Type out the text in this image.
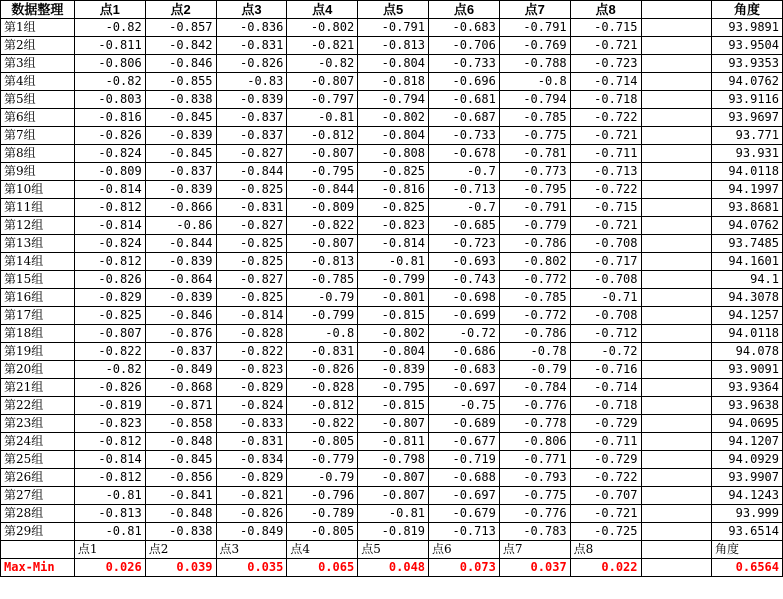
数据整理	点1	点2	点3	点4	点5	点6	点7	点8		角度
第1组	-0.82	-0.857	-0.836	-0.802	-0.791	-0.683	-0.791	-0.715		93.9891
第2组	-0.811	-0.842	-0.831	-0.821	-0.813	-0.706	-0.769	-0.721		93.9504
第3组	-0.806	-0.846	-0.826	-0.82	-0.804	-0.733	-0.788	-0.723		93.9353
第4组	-0.82	-0.855	-0.83	-0.807	-0.818	-0.696	-0.8	-0.714		94.0762
第5组	-0.803	-0.838	-0.839	-0.797	-0.794	-0.681	-0.794	-0.718		93.9116
第6组	-0.816	-0.845	-0.837	-0.81	-0.802	-0.687	-0.785	-0.722		93.9697
第7组	-0.826	-0.839	-0.837	-0.812	-0.804	-0.733	-0.775	-0.721		93.771
第8组	-0.824	-0.845	-0.827	-0.807	-0.808	-0.678	-0.781	-0.711		93.931
第9组	-0.809	-0.837	-0.844	-0.795	-0.825	-0.7	-0.773	-0.713		94.0118
第10组	-0.814	-0.839	-0.825	-0.844	-0.816	-0.713	-0.795	-0.722		94.1997
第11组	-0.812	-0.866	-0.831	-0.809	-0.825	-0.7	-0.791	-0.715		93.8681
第12组	-0.814	-0.86	-0.827	-0.822	-0.823	-0.685	-0.779	-0.721		94.0762
第13组	-0.824	-0.844	-0.825	-0.807	-0.814	-0.723	-0.786	-0.708		93.7485
第14组	-0.812	-0.839	-0.825	-0.813	-0.81	-0.693	-0.802	-0.717		94.1601
第15组	-0.826	-0.864	-0.827	-0.785	-0.799	-0.743	-0.772	-0.708		94.1
第16组	-0.829	-0.839	-0.825	-0.79	-0.801	-0.698	-0.785	-0.71		94.3078
第17组	-0.825	-0.846	-0.814	-0.799	-0.815	-0.699	-0.772	-0.708		94.1257
第18组	-0.807	-0.876	-0.828	-0.8	-0.802	-0.72	-0.786	-0.712		94.0118
第19组	-0.822	-0.837	-0.822	-0.831	-0.804	-0.686	-0.78	-0.72		94.078
第20组	-0.82	-0.849	-0.823	-0.826	-0.839	-0.683	-0.79	-0.716		93.9091
第21组	-0.826	-0.868	-0.829	-0.828	-0.795	-0.697	-0.784	-0.714		93.9364
第22组	-0.819	-0.871	-0.824	-0.812	-0.815	-0.75	-0.776	-0.718		93.9638
第23组	-0.823	-0.858	-0.833	-0.822	-0.807	-0.689	-0.778	-0.729		94.0695
第24组	-0.812	-0.848	-0.831	-0.805	-0.811	-0.677	-0.806	-0.711		94.1207
第25组	-0.814	-0.845	-0.834	-0.779	-0.798	-0.719	-0.771	-0.729		94.0929
第26组	-0.812	-0.856	-0.829	-0.79	-0.807	-0.688	-0.793	-0.722		93.9907
第27组	-0.81	-0.841	-0.821	-0.796	-0.807	-0.697	-0.775	-0.707		94.1243
第28组	-0.813	-0.848	-0.826	-0.789	-0.81	-0.679	-0.776	-0.721		93.999
第29组	-0.81	-0.838	-0.849	-0.805	-0.819	-0.713	-0.783	-0.725		93.6514
	点1	点2	点3	点4	点5	点6	点7	点8		角度
Max-Min	0.026	0.039	0.035	0.065	0.048	0.073	0.037	0.022		0.6564
